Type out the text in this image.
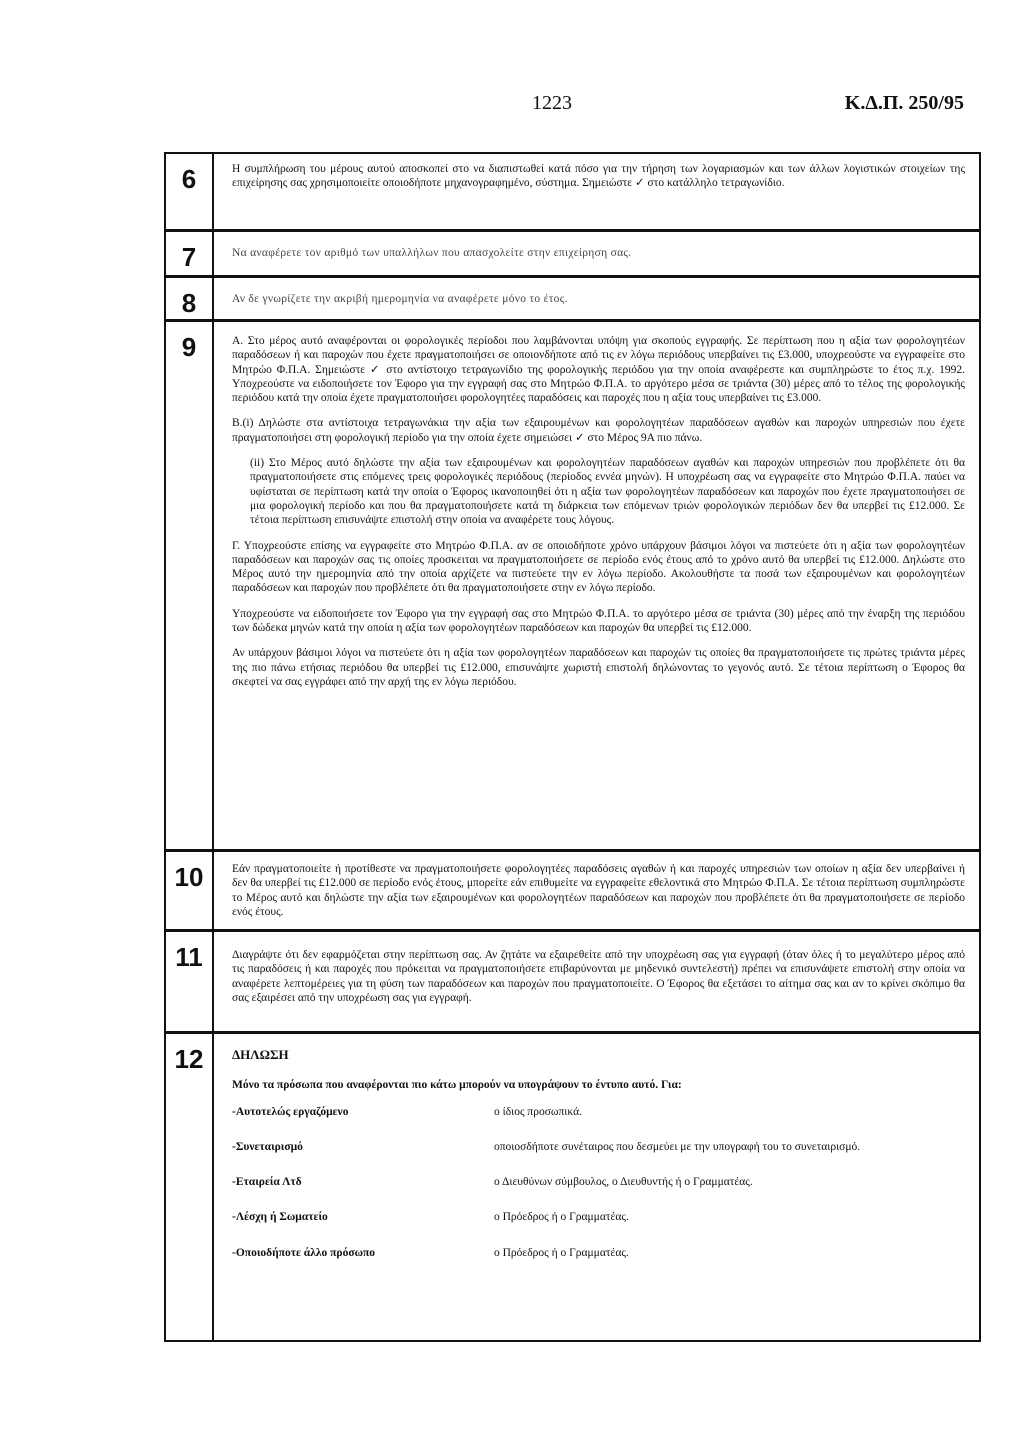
1223	Κ.Δ.Π. 250/95
6	Η συμπλήρωση του μέρους αυτού αποσκοπεί στο να διαπιστωθεί κατά πόσο για την τήρηση των λογαριασμών και των άλλων λογιστικών στοιχείων της επιχείρησης σας χρησιμοποιείτε οποιοδήποτε μηχανογραφημένο, σύστημα. Σημειώστε ✓ στο κατάλληλο τετραγωνίδιο.
7	Να αναφέρετε τον αριθμό των υπαλλήλων που απασχολείτε στην επιχείρηση σας.
8	Αν δε γνωρίζετε την ακριβή ημερομηνία να αναφέρετε μόνο το έτος.
9	Α. Στο μέρος αυτό αναφέρονται οι φορολογικές περίοδοι που λαμβάνονται υπόψη για σκοπούς εγγραφής. Σε περίπτωση που η αξία των φορολογητέων παραδόσεων ή και παροχών που έχετε πραγματοποιήσει σε οποιονδήποτε από τις εν λόγω περιόδους υπερβαίνει τις £3.000, υποχρεούστε να εγγραφείτε στο Μητρώο Φ.Π.Α. Σημειώστε ✓ στο αντίστοιχο τετραγωνίδιο της φορολογικής περιόδου για την οποία αναφέρεστε και συμπληρώστε το έτος π.χ. 1992. Υποχρεούστε να ειδοποιήσετε τον Έφορο για την εγγραφή σας στο Μητρώο Φ.Π.Α. το αργότερο μέσα σε τριάντα (30) μέρες από το τέλος της φορολογικής περιόδου κατά την οποία έχετε πραγματοποιήσει φορολογητέες παραδόσεις και παροχές που η αξία τους υπερβαίνει τις £3.000.

Β.(i) Δηλώστε στα αντίστοιχα τετραγωνάκια την αξία των εξαιρουμένων και φορολογητέων παραδόσεων αγαθών και παροχών υπηρεσιών που έχετε πραγματοποιήσει στη φορολογική περίοδο για την οποία έχετε σημειώσει ✓ στο Μέρος 9Α πιο πάνω.

(ii) Στο Μέρος αυτό δηλώστε την αξία των εξαιρουμένων και φορολογητέων παραδόσεων αγαθών και παροχών υπηρεσιών που προβλέπετε ότι θα πραγματοποιήσετε στις επόμενες τρεις φορολογικές περιόδους (περίοδος εννέα μηνών). Η υποχρέωση σας να εγγραφείτε στο Μητρώο Φ.Π.Α. παύει να υφίσταται σε περίπτωση κατά την οποία ο Έφορος ικανοποιηθεί ότι η αξία των φορολογητέων παραδόσεων και παροχών που έχετε πραγματοποιήσει σε μια φορολογική περίοδο και που θα πραγματοποιήσετε κατά τη διάρκεια των επόμενων τριών φορολογικών περιόδων δεν θα υπερβεί τις £12.000. Σε τέτοια περίπτωση επισυνάψτε επιστολή στην οποία να αναφέρετε τους λόγους.

Γ. Υποχρεούστε επίσης να εγγραφείτε στο Μητρώο Φ.Π.Α. αν σε οποιοδήποτε χρόνο υπάρχουν βάσιμοι λόγοι να πιστεύετε ότι η αξία των φορολογητέων παραδόσεων και παροχών σας τις οποίες προσκειται να πραγματοποιήσετε σε περίοδο ενός έτους από το χρόνο αυτό θα υπερβεί τις £12.000. Δηλώστε στο Μέρος αυτό την ημερομηνία από την οποία αρχίζετε να πιστεύετε την εν λόγω περίοδο. Ακολουθήστε τα ποσά των εξαιρουμένων και φορολογητέων παραδόσεων και παροχών που προβλέπετε ότι θα πραγματοποιήσετε στην εν λόγω περίοδο.

Υποχρεούστε να ειδοποιήσετε τον Έφορο για την εγγραφή σας στο Μητρώο Φ.Π.Α. το αργότερο μέσα σε τριάντα (30) μέρες από την έναρξη της περιόδου των δώδεκα μηνών κατά την οποία η αξία των φορολογητέων παραδόσεων και παροχών θα υπερβεί τις £12.000.

Αν υπάρχουν βάσιμοι λόγοι να πιστεύετε ότι η αξία των φορολογητέων παραδόσεων και παροχών τις οποίες θα πραγματοποιήσετε τις πρώτες τριάντα μέρες της πιο πάνω ετήσιας περιόδου θα υπερβεί τις £12.000, επισυνάψτε χωριστή επιστολή δηλώνοντας το γεγονός αυτό. Σε τέτοια περίπτωση ο Έφορος θα σκεφτεί να σας εγγράφει από την αρχή της εν λόγω περιόδου.

10	Εάν πραγματοποιείτε ή προτίθεστε να πραγματοποιήσετε φορολογητέες παραδόσεις αγαθών ή και παροχές υπηρεσιών των οποίων η αξία δεν υπερβαίνει ή δεν θα υπερβεί τις £12.000 σε περίοδο ενός έτους, μπορείτε εάν επιθυμείτε να εγγραφείτε εθελοντικά στο Μητρώο Φ.Π.Α. Σε τέτοια περίπτωση συμπληρώστε το Μέρος αυτό και δηλώστε την αξία των εξαιρουμένων και φορολογητέων παραδόσεων και παροχών που προβλέπετε ότι θα πραγματοποιήσετε σε περίοδο ενός έτους.
11	Διαγράψτε ότι δεν εφαρμόζεται στην περίπτωση σας. Αν ζητάτε να εξαιρεθείτε από την υποχρέωση σας για εγγραφή (όταν όλες ή το μεγαλύτερο μέρος από τις παραδόσεις ή και παροχές που πρόκειται να πραγματοποιήσετε επιβαρύνονται με μηδενικό συντελεστή) πρέπει να επισυνάψετε επιστολή στην οποία να αναφέρετε λεπτομέρειες για τη φύση των παραδόσεων και παροχών που πραγματοποιείτε. Ο Έφορος θα εξετάσει το αίτημα σας και αν το κρίνει σκόπιμο θα σας εξαιρέσει από την υποχρέωση σας για εγγραφή.
12	ΔΗΛΩΣΗ
Μόνο τα πρόσωπα που αναφέρονται πιο κάτω μπορούν να υπογράψουν το έντυπο αυτό. Για:
-Αυτοτελώς εργαζόμενο	ο ίδιος προσωπικά.
-Συνεταιρισμό	οποιοσδήποτε συνέταιρος που δεσμεύει με την υπογραφή του το συνεταιρισμό.
-Εταιρεία Λτδ	ο Διευθύνων σύμβουλος, ο Διευθυντής ή ο Γραμματέας.
-Λέσχη ή Σωματείο	ο Πρόεδρος ή ο Γραμματέας.
-Οποιοδήποτε άλλο πρόσωπο	ο Πρόεδρος ή ο Γραμματέας.
